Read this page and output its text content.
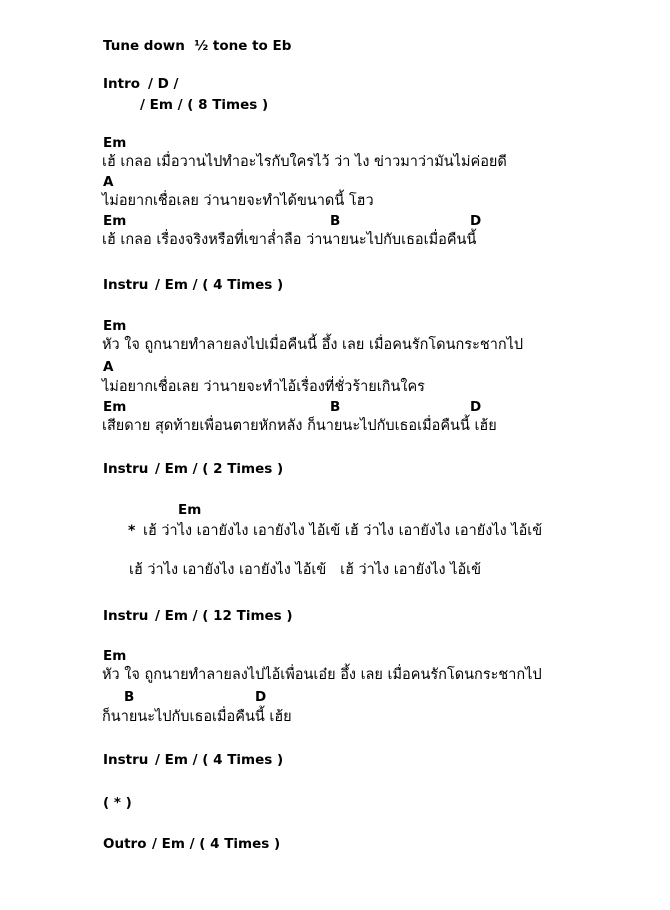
Tune down  ½ tone to Eb

Intro

/ D /

/ Em / ( 8 Times )

Em

เฮ้ เกลอ เมื่อวานไปทำอะไรกับใครไว้ ว่า ไง ข่าวมาว่ามันไม่ค่อยดี

A

ไม่อยากเชื่อเลย ว่านายจะทำได้ขนาดนี้ โฮว

Em

	B

	D

เฮ้ เกลอ เรื่องจริงหรือที่เขาล่ำลือ ว่านายนะไปกับเธอเมื่อคืนนี้

Instru

/ Em / ( 4 Times )

Em

หัว ใจ ถูกนายทำลายลงไปเมื่อคืนนี้ อึ้ง เลย เมื่อคนรักโดนกระชากไป

A

ไม่อยากเชื่อเลย ว่านายจะทำไอ้เรื่องที่ชั่วร้ายเกินใคร

Em

	B

	D

เสียดาย สุดท้ายเพื่อนตายหักหลัง ก็นายนะไปกับเธอเมื่อคืนนี้ เฮ้ย

Instru

/ Em / ( 2 Times )

Em

*

เฮ้ ว่าไง เอายังไง เอายังไง ไอ้เข้ เฮ้ ว่าไง เอายังไง เอายังไง ไอ้เข้

เฮ้ ว่าไง เอายังไง เอายังไง ไอ้เข้   เฮ้ ว่าไง เอายังไง ไอ้เข้

Instru

/ Em / ( 12 Times )

Em

หัว ใจ ถูกนายทำลายลงไปไอ้เพื่อนเอ๋ย อึ้ง เลย เมื่อคนรักโดนกระชากไป

B

	D

ก็นายนะไปกับเธอเมื่อคืนนี้ เฮ้ย

Instru

/ Em / ( 4 Times )

( * )

Outro

/ Em / ( 4 Times )
